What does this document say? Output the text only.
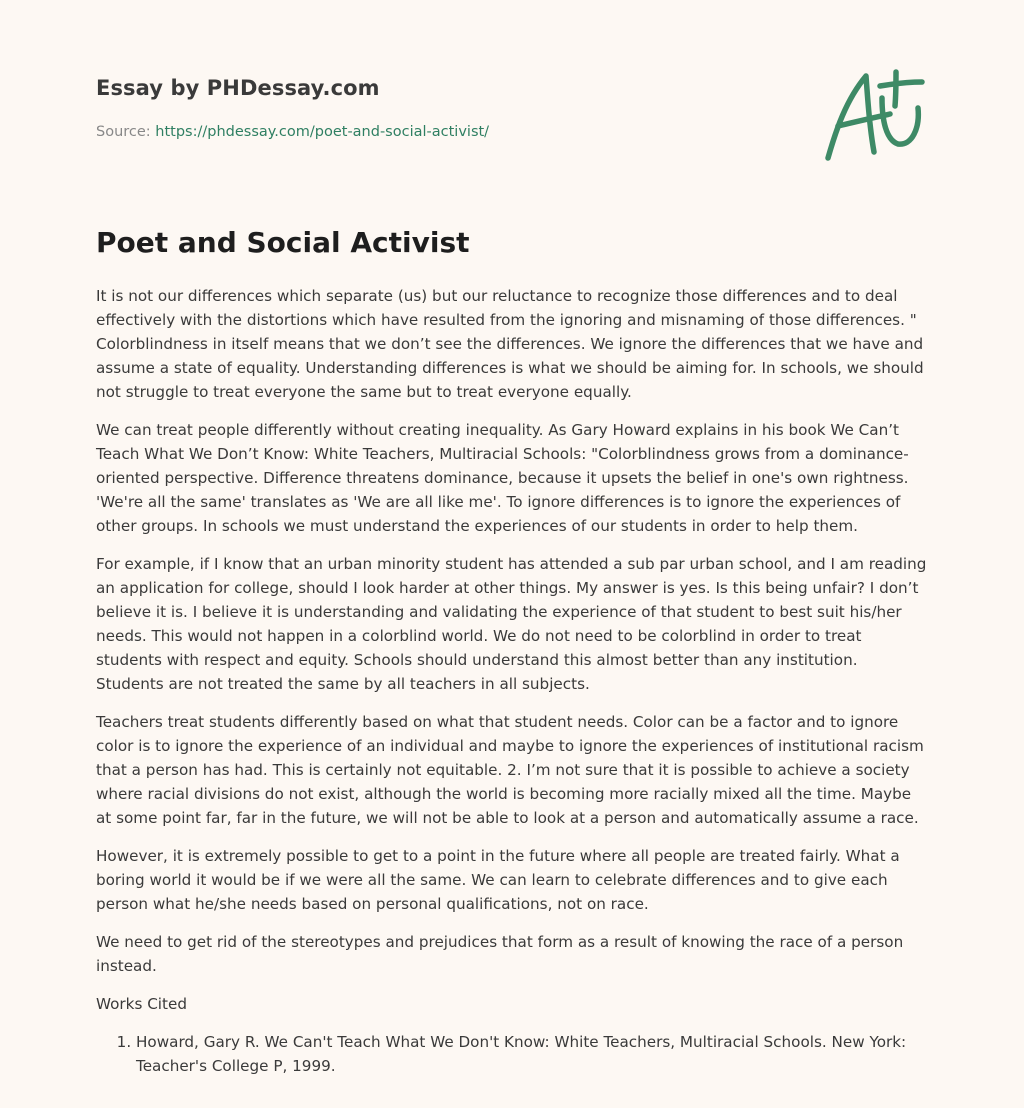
Essay by PHDessay.com

Source: https://phdessay.com/poet-and-social-activist/

Poet and Social Activist

It is not our differences which separate (us) but our reluctance to recognize those differences and to deal effectively with the distortions which have resulted from the ignoring and misnaming of those differences. " Colorblindness in itself means that we don’t see the differences. We ignore the differences that we have and assume a state of equality. Understanding differences is what we should be aiming for. In schools, we should not struggle to treat everyone the same but to treat everyone equally.

We can treat people differently without creating inequality. As Gary Howard explains in his book We Can’t Teach What We Don’t Know: White Teachers, Multiracial Schools: "Colorblindness grows from a dominance-oriented perspective. Difference threatens dominance, because it upsets the belief in one's own rightness. 'We're all the same' translates as 'We are all like me'. To ignore differences is to ignore the experiences of other groups. In schools we must understand the experiences of our students in order to help them.

For example, if I know that an urban minority student has attended a sub par urban school, and I am reading an application for college, should I look harder at other things. My answer is yes. Is this being unfair? I don’t believe it is. I believe it is understanding and validating the experience of that student to best suit his/her needs. This would not happen in a colorblind world. We do not need to be colorblind in order to treat students with respect and equity. Schools should understand this almost better than any institution. Students are not treated the same by all teachers in all subjects.

Teachers treat students differently based on what that student needs. Color can be a factor and to ignore color is to ignore the experience of an individual and maybe to ignore the experiences of institutional racism that a person has had. This is certainly not equitable. 2. I’m not sure that it is possible to achieve a society where racial divisions do not exist, although the world is becoming more racially mixed all the time. Maybe at some point far, far in the future, we will not be able to look at a person and automatically assume a race.

However, it is extremely possible to get to a point in the future where all people are treated fairly. What a boring world it would be if we were all the same. We can learn to celebrate differences and to give each person what he/she needs based on personal qualifications, not on race.

We need to get rid of the stereotypes and prejudices that form as a result of knowing the race of a person instead.

Works Cited

1. Howard, Gary R. We Can't Teach What We Don't Know: White Teachers, Multiracial Schools. New York: Teacher's College P, 1999.
